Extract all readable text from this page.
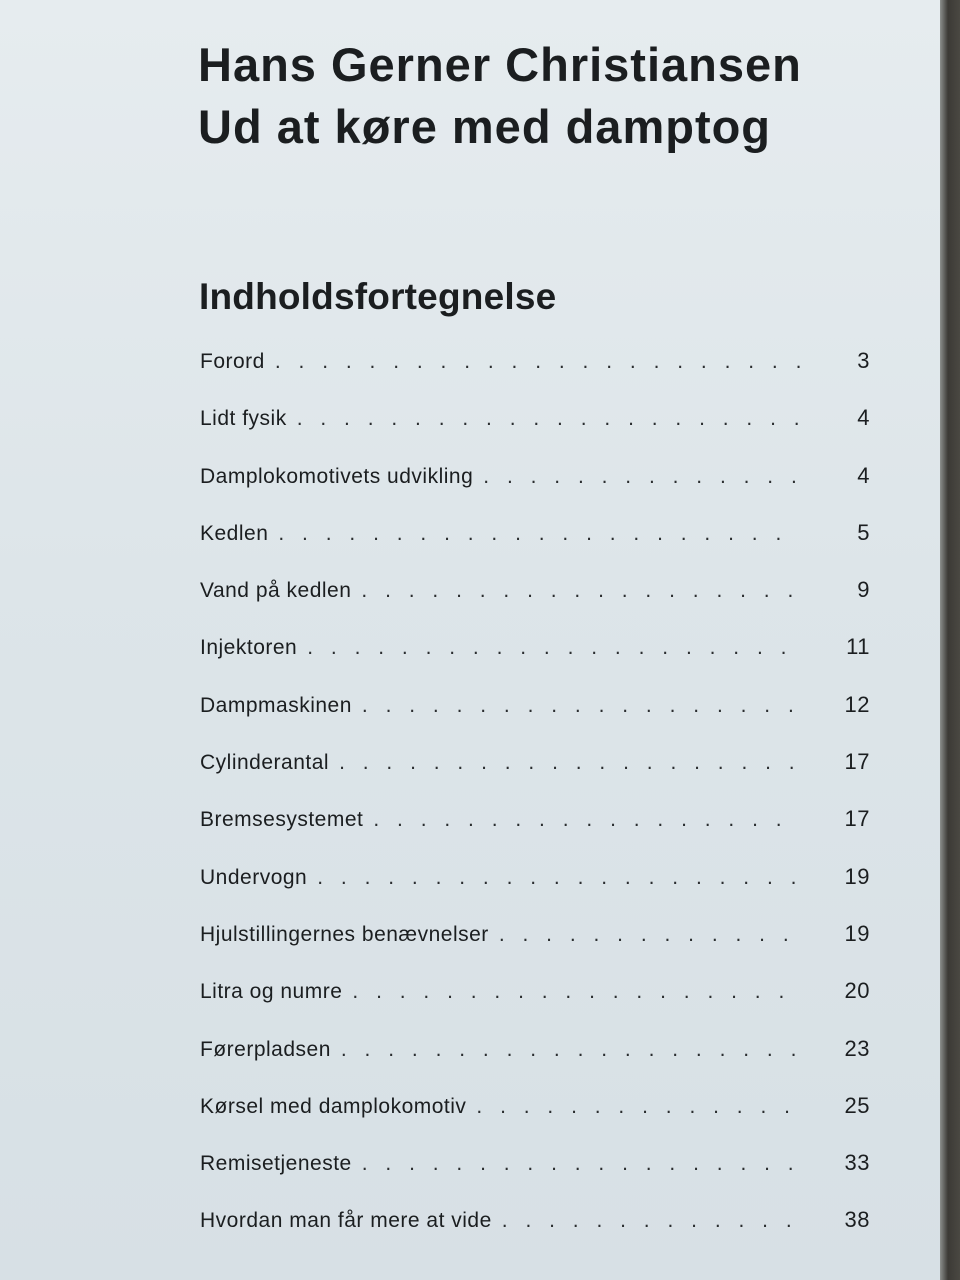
Hans Gerner Christiansen
Ud at køre med damptog
Indholdsfortegnelse
Forord . . .	3
Lidt fysik . . .	4
Damplokomotivets udvikling . . .	4
Kedlen . . .	5
Vand på kedlen . . .	9
Injektoren . . .	11
Dampmaskinen . . .	12
Cylinderantal . . .	17
Bremsesystemet . . .	17
Undervogn . . .	19
Hjulstillingernes benævnelser . . .	19
Litra og numre . . .	20
Førerpladsen . . .	23
Kørsel med damplokomotiv . . .	25
Remisetjeneste . . .	33
Hvordan man får mere at vide . . .	38
